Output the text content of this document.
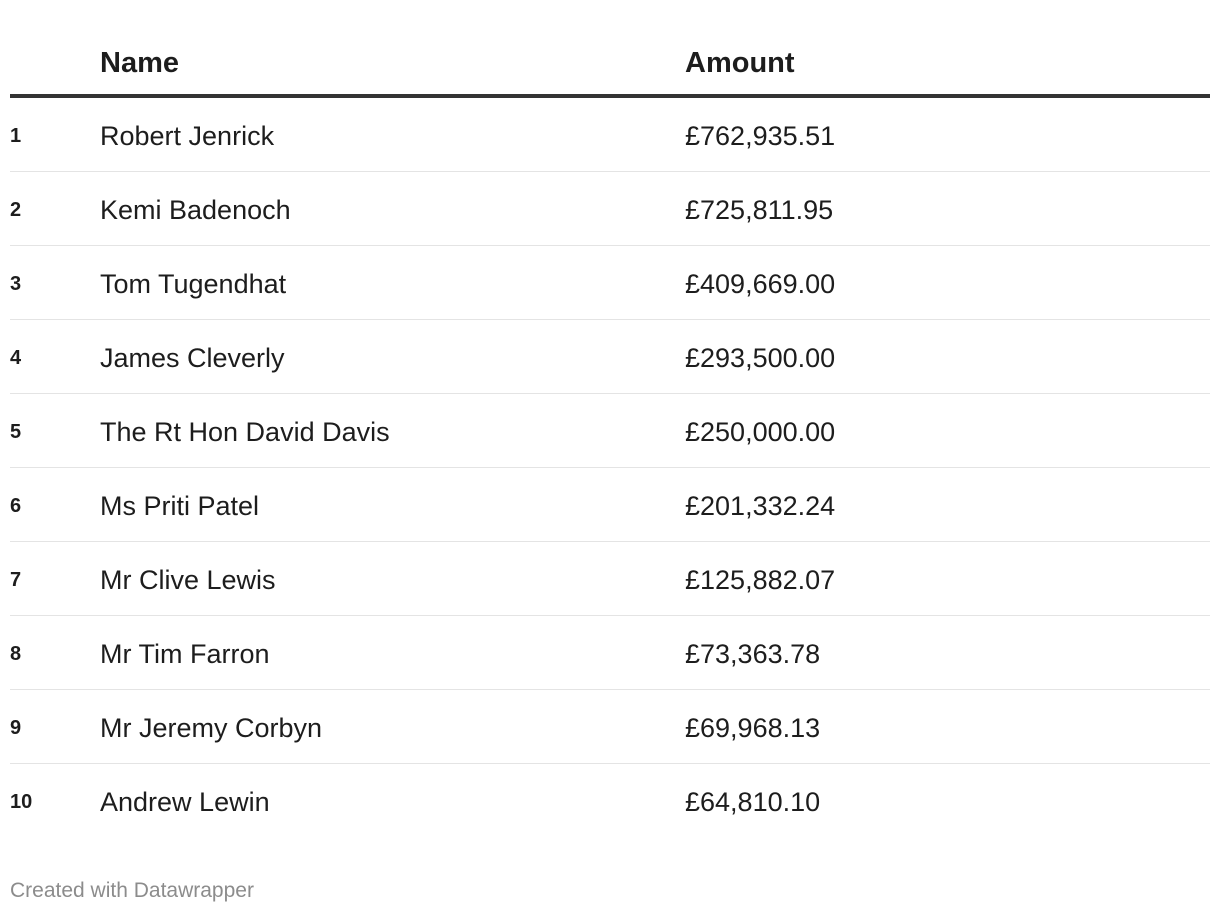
Name	Amount
1	Robert Jenrick	£762,935.51
2	Kemi Badenoch	£725,811.95
3	Tom Tugendhat	£409,669.00
4	James Cleverly	£293,500.00
5	The Rt Hon David Davis	£250,000.00
6	Ms Priti Patel	£201,332.24
7	Mr Clive Lewis	£125,882.07
8	Mr Tim Farron	£73,363.78
9	Mr Jeremy Corbyn	£69,968.13
10	Andrew Lewin	£64,810.10
Created with Datawrapper
